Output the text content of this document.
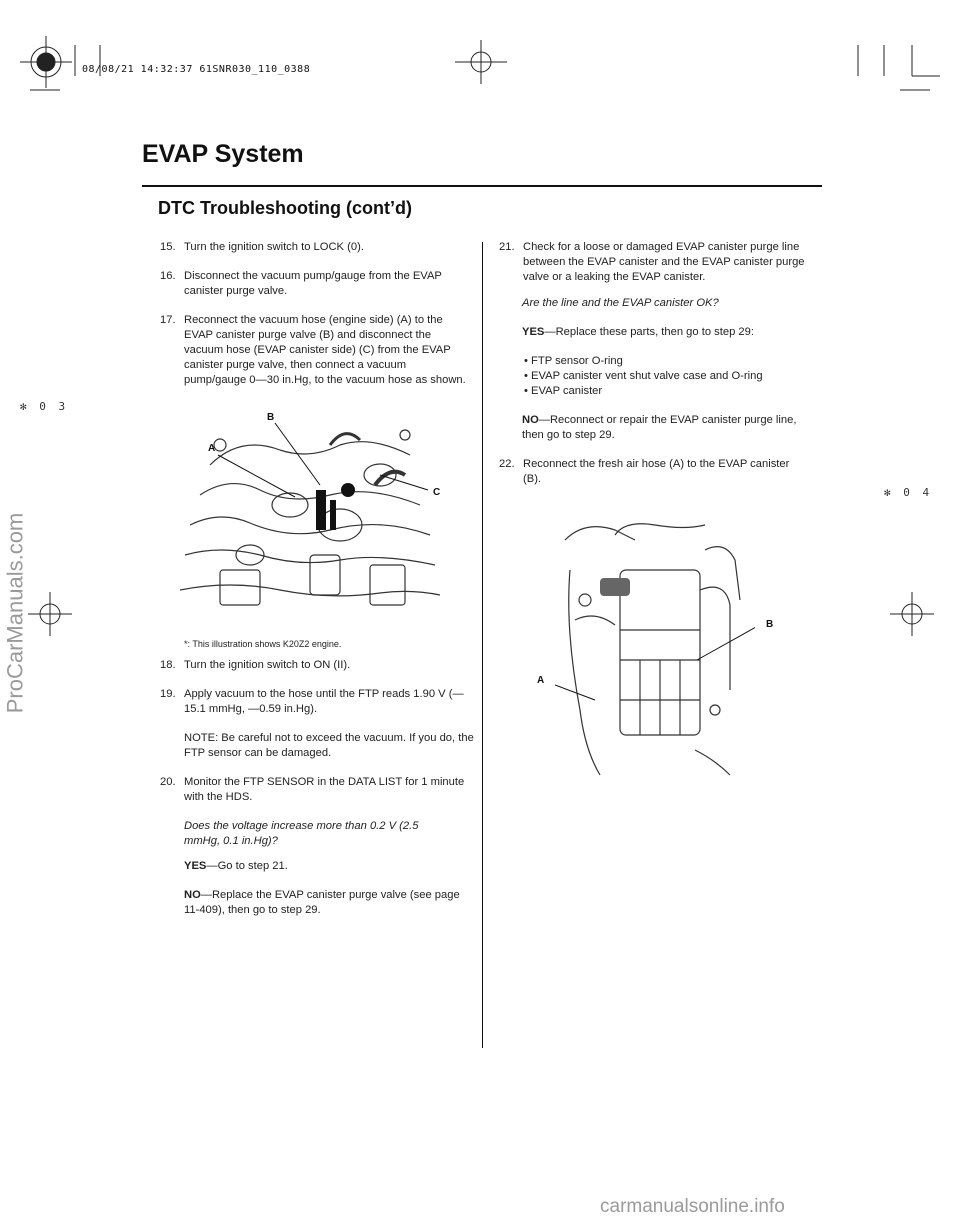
08/08/21 14:32:37 61SNR030_110_0388
EVAP System
DTC Troubleshooting (cont’d)
✻ 0 3
✻ 0 4
15. Turn the ignition switch to LOCK (0).

16. Disconnect the vacuum pump/gauge from the EVAP canister purge valve.

17. Reconnect the vacuum hose (engine side) (A) to the EVAP canister purge valve (B) and disconnect the vacuum hose (EVAP canister side) (C) from the EVAP canister purge valve, then connect a vacuum pump/gauge 0—30 in.Hg, to the vacuum hose as shown.

A
B
C
*: This illustration shows K20Z2 engine.
18. Turn the ignition switch to ON (II).

19. Apply vacuum to the hose until the FTP reads 1.90 V (—15.1 mmHg, —0.59 in.Hg).

NOTE: Be careful not to exceed the vacuum. If you do, the FTP sensor can be damaged.

20. Monitor the FTP SENSOR in the DATA LIST for 1 minute with the HDS.

Does the voltage increase more than 0.2 V (2.5 mmHg, 0.1 in.Hg)?

YES—Go to step 21.

NO—Replace the EVAP canister purge valve (see page 11-409), then go to step 29.

21. Check for a loose or damaged EVAP canister purge line between the EVAP canister and the EVAP canister purge valve or a leaking the EVAP canister.

Are the line and the EVAP canister OK?

YES—Replace these parts, then go to step 29:

• FTP sensor O-ring

• EVAP canister vent shut valve case and O-ring

• EVAP canister

NO—Reconnect or repair the EVAP canister purge line, then go to step 29.

22. Reconnect the fresh air hose (A) to the EVAP canister (B).

A
B
ProCarManuals.com
carmanualsonline.info
